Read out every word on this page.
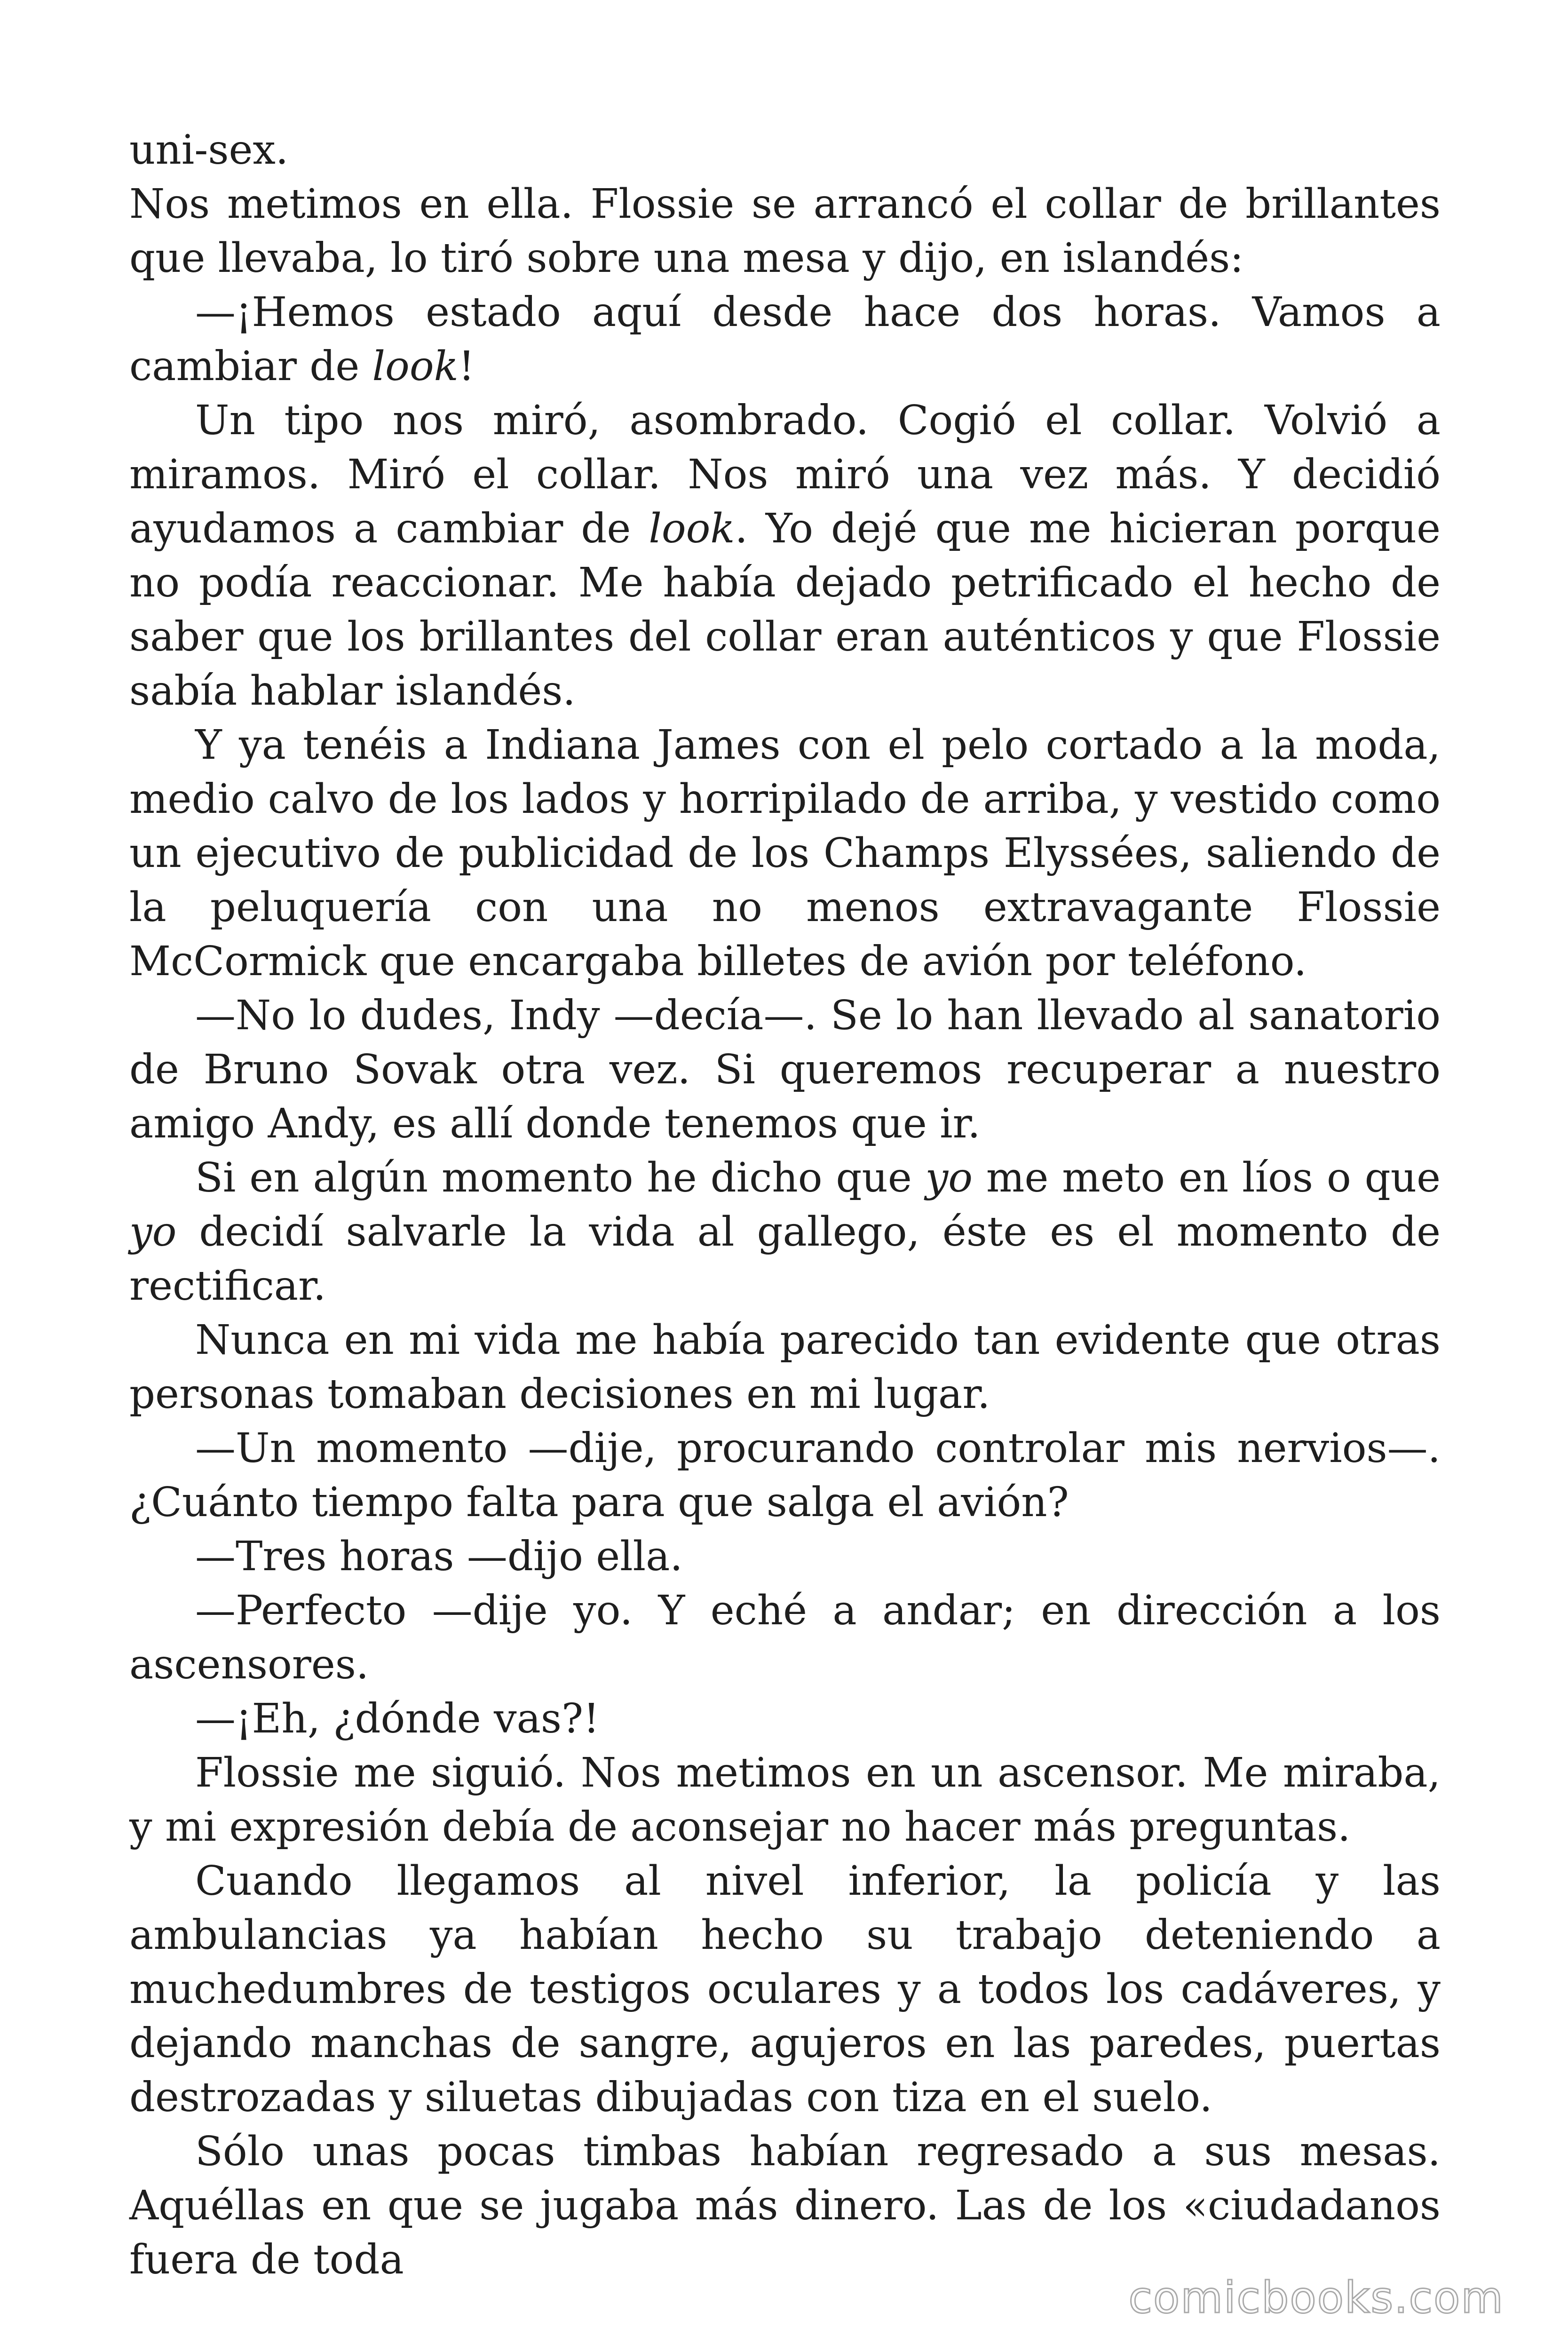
uni-sex.

Nos metimos en ella. Flossie se arrancó el collar de brillantes que llevaba, lo tiró sobre una mesa y dijo, en islandés:

—¡Hemos estado aquí desde hace dos horas. Vamos a cambiar de look!

Un tipo nos miró, asombrado. Cogió el collar. Volvió a miramos. Miró el collar. Nos miró una vez más. Y decidió ayudamos a cambiar de look. Yo dejé que me hicieran porque no podía reaccionar. Me había dejado petrificado el hecho de saber que los brillantes del collar eran auténticos y que Flossie sabía hablar islandés.

Y ya tenéis a Indiana James con el pelo cortado a la moda, medio calvo de los lados y horripilado de arriba, y vestido como un ejecutivo de publicidad de los Champs Elyssées, saliendo de la peluquería con una no menos extravagante Flossie McCormick que encargaba billetes de avión por teléfono.

—No lo dudes, Indy —decía—. Se lo han llevado al sanatorio de Bruno Sovak otra vez. Si queremos recuperar a nuestro amigo Andy, es allí donde tenemos que ir.

Si en algún momento he dicho que yo me meto en líos o que yo decidí salvarle la vida al gallego, éste es el momento de rectificar.

Nunca en mi vida me había parecido tan evidente que otras personas tomaban decisiones en mi lugar.

—Un momento —dije, procurando controlar mis nervios—. ¿Cuánto tiempo falta para que salga el avión?

—Tres horas —dijo ella.

—Perfecto —dije yo. Y eché a andar; en dirección a los ascensores.

—¡Eh, ¿dónde vas?!

Flossie me siguió. Nos metimos en un ascensor. Me miraba, y mi expresión debía de aconsejar no hacer más preguntas.

Cuando llegamos al nivel inferior, la policía y las ambulancias ya habían hecho su trabajo deteniendo a muchedumbres de testigos oculares y a todos los cadáveres, y dejando manchas de sangre, agujeros en las paredes, puertas destrozadas y siluetas dibujadas con tiza en el suelo.

Sólo unas pocas timbas habían regresado a sus mesas. Aquéllas en que se jugaba más dinero. Las de los «ciudadanos fuera de toda

comicbooks.com
